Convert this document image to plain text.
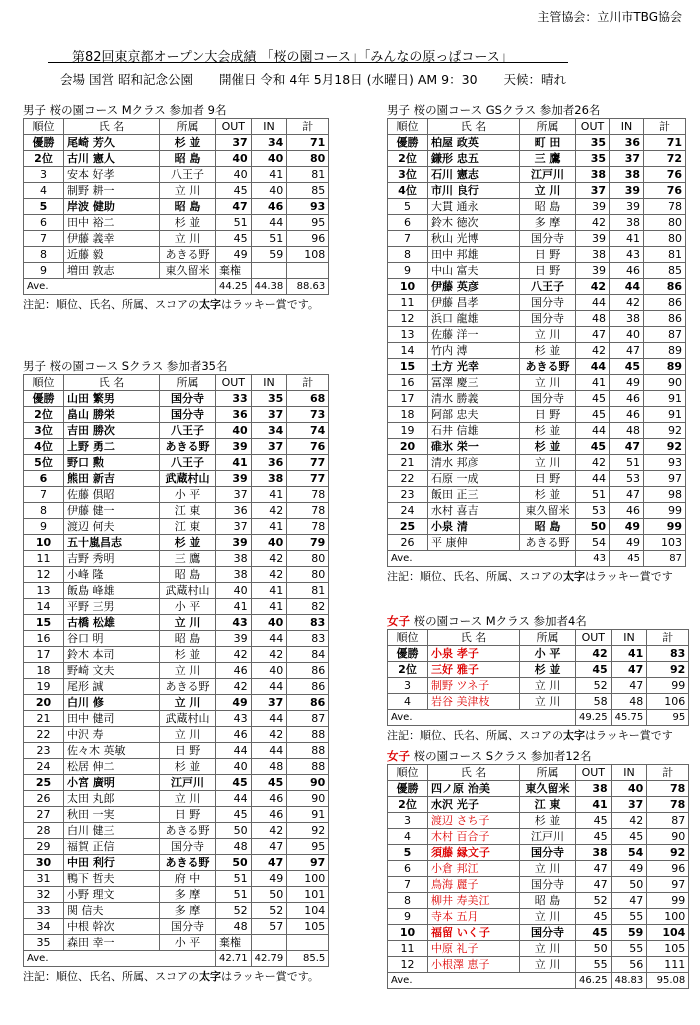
主管協会：立川市TBG協会
第82回東京都オープン大会成績 「桜の園コース」「みんなの原っぱコース」
会場 国営 昭和記念公園 開催日 令和 4年 5月18日 (水曜日) AM 9：30 天候：晴れ
男子 桜の園コース Mクラス 参加者 9名
順位	氏 名	所属	OUT	IN	計
優勝	尾崎 芳久	杉 並	37	34	71
2位	古川 憲人	昭 島	40	40	80
3	安本 好孝	八王子	40	41	81
4	制野 耕一	立 川	45	40	85
5	岸波 健助	昭 島	47	46	93
6	田中 裕二	杉 並	51	44	95
7	伊藤 義幸	立 川	45	51	96
8	近藤 毅	あきる野	49	59	108
9	増田 敦志	東久留米	棄権		
Ave.			44.25	44.38	88.63
注記：順位、氏名、所属、スコアの太字はラッキー賞です。
男子 桜の園コース Sクラス 参加者35名
順位	氏 名	所属	OUT	IN	計
優勝	山田 繁男	国分寺	33	35	68
2位	畠山 勝栄	国分寺	36	37	73
3位	吉田 勝次	八王子	40	34	74
4位	上野 勇二	あきる野	39	37	76
5位	野口 勲	八王子	41	36	77
6	熊田 新吉	武蔵村山	39	38	77
7	佐藤 倶昭	小 平	37	41	78
8	伊藤 健一	江 東	36	42	78
9	渡辺 何夫	江 東	37	41	78
10	五十嵐昌志	杉 並	39	40	79
11	吉野 秀明	三 鷹	38	42	80
12	小峰 隆	昭 島	38	42	80
13	飯島 峰雄	武蔵村山	40	41	81
14	平野 三男	小 平	41	41	82
15	古橋 松雄	立 川	43	40	83
16	谷口 明	昭 島	39	44	83
17	鈴木 本司	杉 並	42	42	84
18	野崎 文夫	立 川	46	40	86
19	尾形 誠	あきる野	42	44	86
20	白川 修	立 川	49	37	86
21	田中 健司	武蔵村山	43	44	87
22	中沢 寿	立 川	46	42	88
23	佐々木 英敏	日 野	44	44	88
24	松居 伸二	杉 並	40	48	88
25	小宮 廣明	江戸川	45	45	90
26	太田 丸郎	立 川	44	46	90
27	秋田 一実	日 野	45	46	91
28	白川 健三	あきる野	50	42	92
29	福賀 正信	国分寺	48	47	95
30	中田 利行	あきる野	50	47	97
31	鴨下 哲夫	府 中	51	49	100
32	小野 理文	多 摩	51	50	101
33	関 信夫	多 摩	52	52	104
34	中根 幹次	国分寺	48	57	105
35	森田 幸一	小 平	棄権		
Ave.			42.71	42.79	85.5
注記：順位、氏名、所属、スコアの太字はラッキー賞です。
男子 桜の園コース GSクラス 参加者26名
順位	氏 名	所属	OUT	IN	計
優勝	柏屋 政英	町 田	35	36	71
2位	鎌形 忠五	三 鷹	35	37	72
3位	石川 憲志	江戸川	38	38	76
4位	市川 良行	立 川	37	39	76
5	大貫 通永	昭 島	39	39	78
6	鈴木 徳次	多 摩	42	38	80
7	秋山 光博	国分寺	39	41	80
8	田中 邦雄	日 野	38	43	81
9	中山 富夫	日 野	39	46	85
10	伊藤 英彦	八王子	42	44	86
11	伊藤 昌孝	国分寺	44	42	86
12	浜口 龍雄	国分寺	48	38	86
13	佐藤 洋一	立 川	47	40	87
14	竹内 溥	杉 並	42	47	89
15	土方 光幸	あきる野	44	45	89
16	冨澤 慶三	立 川	41	49	90
17	清水 勝義	国分寺	45	46	91
18	阿部 忠夫	日 野	45	46	91
19	石井 信雄	杉 並	44	48	92
20	碓氷 栄一	杉 並	45	47	92
21	清水 邦彦	立 川	42	51	93
22	石原 一成	日 野	44	53	97
23	飯田 正三	杉 並	51	47	98
24	水村 喜吉	東久留米	53	46	99
25	小泉 清	昭 島	50	49	99
26	平 康伸	あきる野	54	49	103
Ave.			43	45	87
注記：順位、氏名、所属、スコアの太字はラッキー賞です
女子 桜の園コース Mクラス 参加者4名
順位	氏 名	所属	OUT	IN	計
優勝	小泉 孝子	小 平	42	41	83
2位	三好 雅子	杉 並	45	47	92
3	制野 ツネ子	立 川	52	47	99
4	岩谷 美津枝	立 川	58	48	106
Ave.			49.25	45.75	95
注記：順位、氏名、所属、スコアの太字はラッキー賞です
女子 桜の園コース Sクラス 参加者12名
順位	氏 名	所属	OUT	IN	計
優勝	四ノ原 治美	東久留米	38	40	78
2位	水沢 光子	江 東	41	37	78
3	渡辺 さち子	杉 並	45	42	87
4	木村 百合子	江戸川	45	45	90
5	須藤 縁文子	国分寺	38	54	92
6	小倉 邦江	立 川	47	49	96
7	鳥海 麗子	国分寺	47	50	97
8	柳井 寿美江	昭 島	52	47	99
9	寺本 五月	立 川	45	55	100
10	福留 いく子	国分寺	45	59	104
11	中原 礼子	立 川	50	55	105
12	小根澤 恵子	立 川	55	56	111
Ave.			46.25	48.83	95.08
